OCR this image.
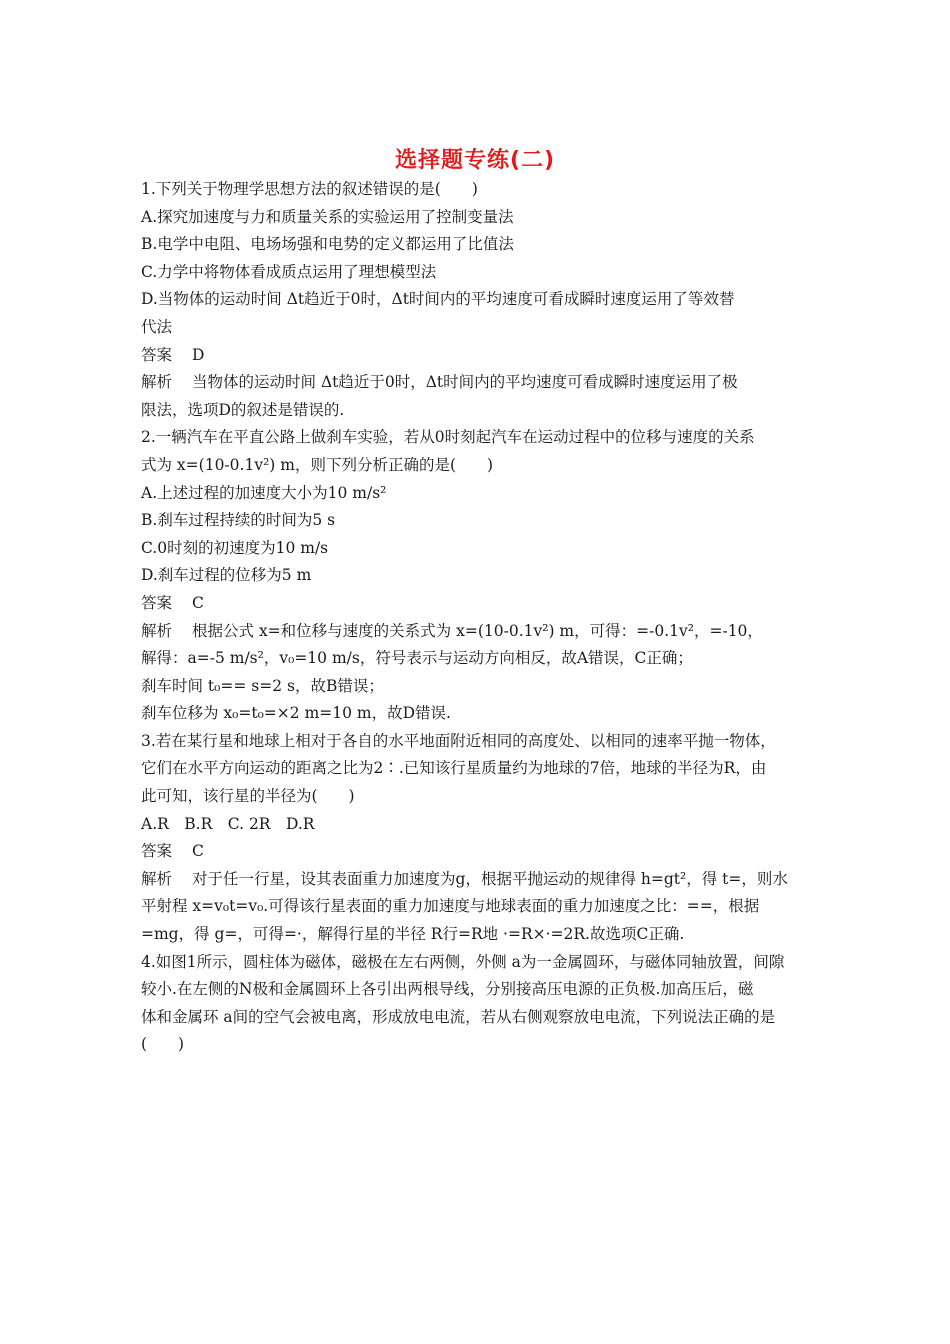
选择题专练(二)
1.下列关于物理学思想方法的叙述错误的是(　　)
A.探究加速度与力和质量关系的实验运用了控制变量法
B.电学中电阻、电场场强和电势的定义都运用了比值法
C.力学中将物体看成质点运用了理想模型法
D.当物体的运动时间 Δt趋近于0时，Δt时间内的平均速度可看成瞬时速度运用了等效替
代法
答案 D
解析 当物体的运动时间 Δt趋近于0时，Δt时间内的平均速度可看成瞬时速度运用了极
限法，选项D的叙述是错误的.
2.一辆汽车在平直公路上做刹车实验，若从0时刻起汽车在运动过程中的位移与速度的关系
式为 x=(10-0.1v²) m，则下列分析正确的是(　　)
A.上述过程的加速度大小为10 m/s²
B.刹车过程持续的时间为5 s
C.0时刻的初速度为10 m/s
D.刹车过程的位移为5 m
答案 C
解析 根据公式 x=和位移与速度的关系式为 x=(10-0.1v²) m，可得：=-0.1v²，=-10，
解得：a=-5 m/s²，v₀=10 m/s，符号表示与运动方向相反，故A错误，C正确；
刹车时间 t₀== s=2 s，故B错误；
刹车位移为 x₀=t₀=×2 m=10 m，故D错误.
3.若在某行星和地球上相对于各自的水平地面附近相同的高度处、以相同的速率平抛一物体，
它们在水平方向运动的距离之比为2∶.已知该行星质量约为地球的7倍，地球的半径为R，由
此可知，该行星的半径为(　　)
A.R　B.R　C. 2R　D.R
答案 C
解析 对于任一行星，设其表面重力加速度为g，根据平抛运动的规律得 h=gt²，得 t=，则水
平射程 x=v₀t=v₀.可得该行星表面的重力加速度与地球表面的重力加速度之比：==，根据
=mg，得 g=，可得=·，解得行星的半径 R行=R地 ·=R×·=2R.故选项C正确.
4.如图1所示，圆柱体为磁体，磁极在左右两侧，外侧 a为一金属圆环，与磁体同轴放置，间隙
较小.在左侧的N极和金属圆环上各引出两根导线，分别接高压电源的正负极.加高压后，磁
体和金属环 a间的空气会被电离，形成放电电流，若从右侧观察放电电流，下列说法正确的是
(　　)
